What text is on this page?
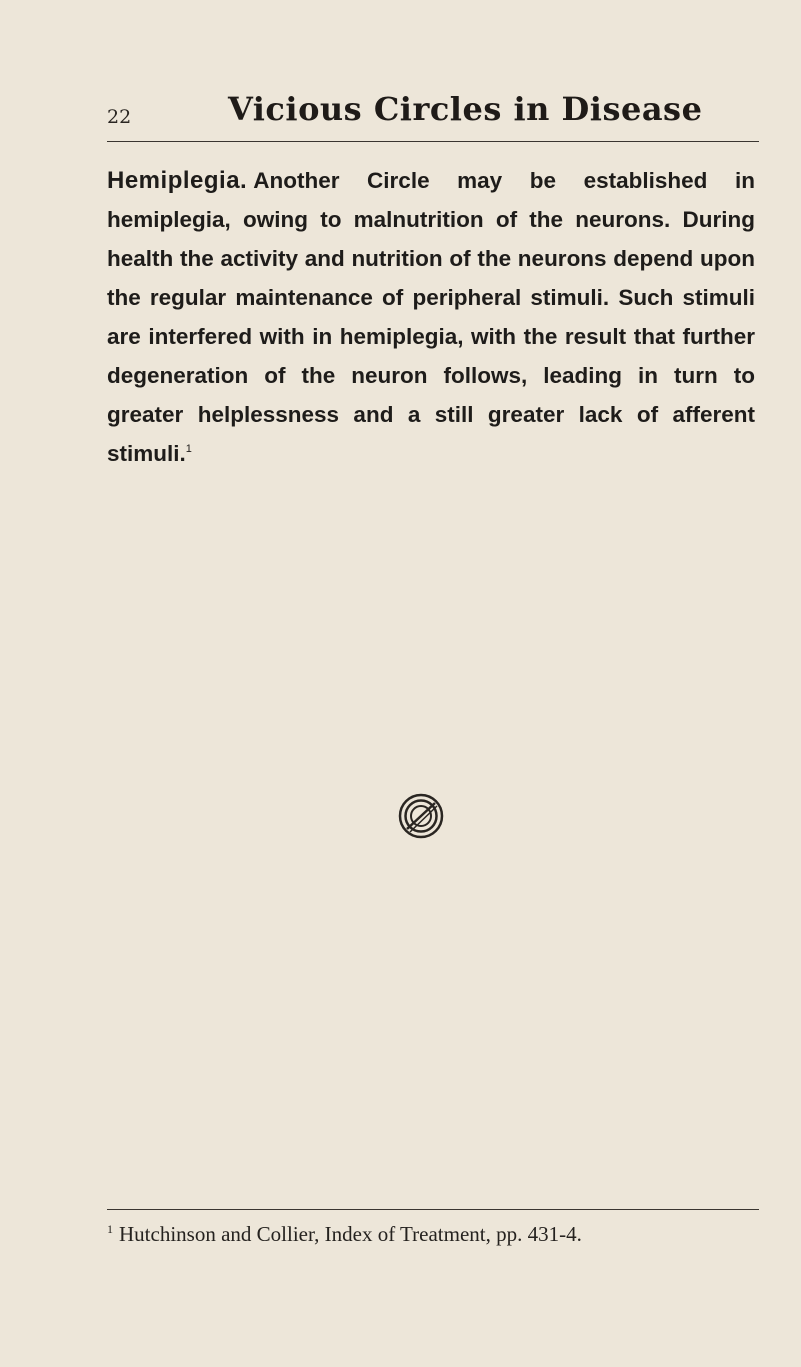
22	Vicious Circles in Disease
Hemiplegia. Another Circle may be established in hemiplegia, owing to malnutrition of the neurons. During health the activity and nutrition of the neurons depend upon the regular maintenance of peripheral stimuli. Such stimuli are interfered with in hemiplegia, with the result that further degeneration of the neuron follows, leading in turn to greater helplessness and a still greater lack of afferent stimuli.$^1$
$^1$ Hutchinson and Collier, Index of Treatment, pp. 431-4.
